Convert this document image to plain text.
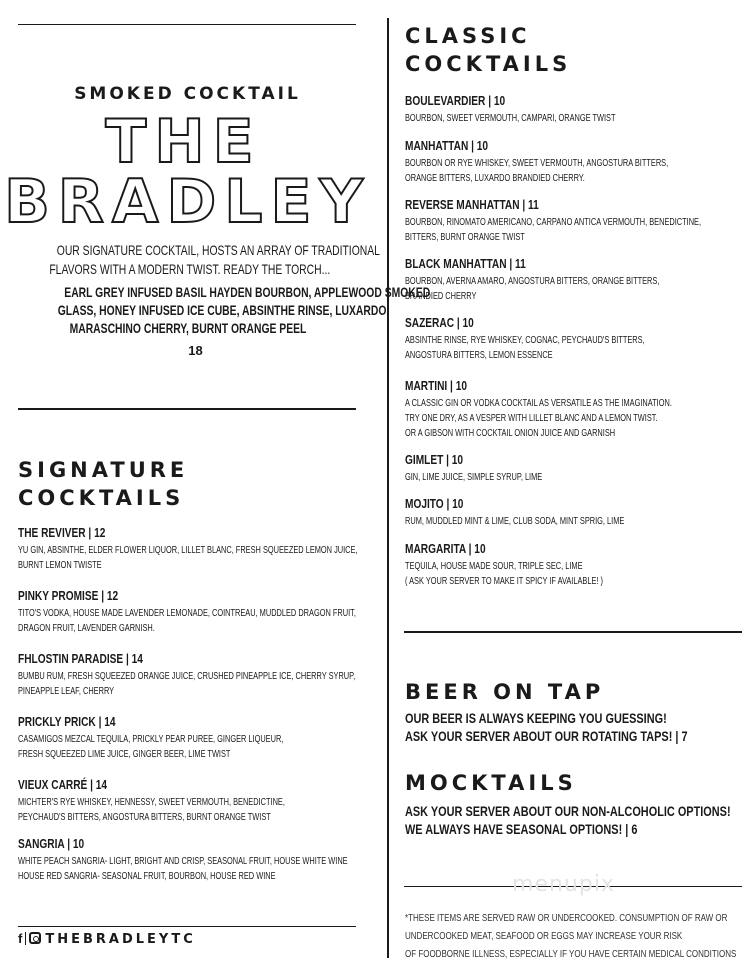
SMOKED COCKTAIL
THE
BRADLEY
OUR SIGNATURE COCKTAIL, HOSTS AN ARRAY OF TRADITIONAL
FLAVORS WITH A MODERN TWIST. READY THE TORCH...
EARL GREY INFUSED BASIL HAYDEN BOURBON, APPLEWOOD SMOKED
GLASS, HONEY INFUSED ICE CUBE, ABSINTHE RINSE, LUXARDO
MARASCHINO CHERRY, BURNT ORANGE PEEL
18
SIGNATURE
COCKTAILS
THE REVIVER | 12
YU GIN, ABSINTHE, ELDER FLOWER LIQUOR, LILLET BLANC, FRESH SQUEEZED LEMON JUICE,
BURNT LEMON TWISTE
PINKY PROMISE | 12
TITO'S VODKA, HOUSE MADE LAVENDER LEMONADE, COINTREAU, MUDDLED DRAGON FRUIT,
DRAGON FRUIT, LAVENDER GARNISH.
FHLOSTIN PARADISE | 14
BUMBU RUM, FRESH SQUEEZED ORANGE JUICE, CRUSHED PINEAPPLE ICE, CHERRY SYRUP,
PINEAPPLE LEAF, CHERRY
PRICKLY PRICK | 14
CASAMIGOS MEZCAL TEQUILA, PRICKLY PEAR PUREE, GINGER LIQUEUR,
FRESH SQUEEZED LIME JUICE, GINGER BEER, LIME TWIST
VIEUX CARRÉ | 14
MICHTER'S RYE WHISKEY, HENNESSY, SWEET VERMOUTH, BENEDICTINE,
PEYCHAUD'S BITTERS, ANGOSTURA BITTERS, BURNT ORANGE TWIST
SANGRIA | 10
WHITE PEACH SANGRIA- LIGHT, BRIGHT AND CRISP, SEASONAL FRUIT, HOUSE WHITE WINE
HOUSE RED SANGRIA- SEASONAL FRUIT, BOURBON, HOUSE RED WINE
f THEBRADLEYTC
CLASSIC
COCKTAILS
BOULEVARDIER | 10
BOURBON, SWEET VERMOUTH, CAMPARI, ORANGE TWIST
MANHATTAN | 10
BOURBON OR RYE WHISKEY, SWEET VERMOUTH, ANGOSTURA BITTERS,
ORANGE BITTERS, LUXARDO BRANDIED CHERRY.
REVERSE MANHATTAN | 11
BOURBON, RINOMATO AMERICANO, CARPANO ANTICA VERMOUTH, BENEDICTINE,
BITTERS, BURNT ORANGE TWIST
BLACK MANHATTAN | 11
BOURBON, AVERNA AMARO, ANGOSTURA BITTERS, ORANGE BITTERS,
BRANDIED CHERRY
SAZERAC | 10
ABSINTHE RINSE, RYE WHISKEY, COGNAC, PEYCHAUD'S BITTERS,
ANGOSTURA BITTERS, LEMON ESSENCE
MARTINI | 10
A CLASSIC GIN OR VODKA COCKTAIL AS VERSATILE AS THE IMAGINATION.
TRY ONE DRY, AS A VESPER WITH LILLET BLANC AND A LEMON TWIST.
OR A GIBSON WITH COCKTAIL ONION JUICE AND GARNISH
GIMLET | 10
GIN, LIME JUICE, SIMPLE SYRUP, LIME
MOJITO | 10
RUM, MUDDLED MINT & LIME, CLUB SODA, MINT SPRIG, LIME
MARGARITA | 10
TEQUILA, HOUSE MADE SOUR, TRIPLE SEC, LIME
( ASK YOUR SERVER TO MAKE IT SPICY IF AVAILABLE! )
BEER ON TAP
OUR BEER IS ALWAYS KEEPING YOU GUESSING!
ASK YOUR SERVER ABOUT OUR ROTATING TAPS! | 7
MOCKTAILS
ASK YOUR SERVER ABOUT OUR NON-ALCOHOLIC OPTIONS!
WE ALWAYS HAVE SEASONAL OPTIONS! | 6
menupix
*THESE ITEMS ARE SERVED RAW OR UNDERCOOKED. CONSUMPTION OF RAW OR
UNDERCOOKED MEAT, SEAFOOD OR EGGS MAY INCREASE YOUR RISK
OF FOODBORNE ILLNESS, ESPECIALLY IF YOU HAVE CERTAIN MEDICAL CONDITIONS
